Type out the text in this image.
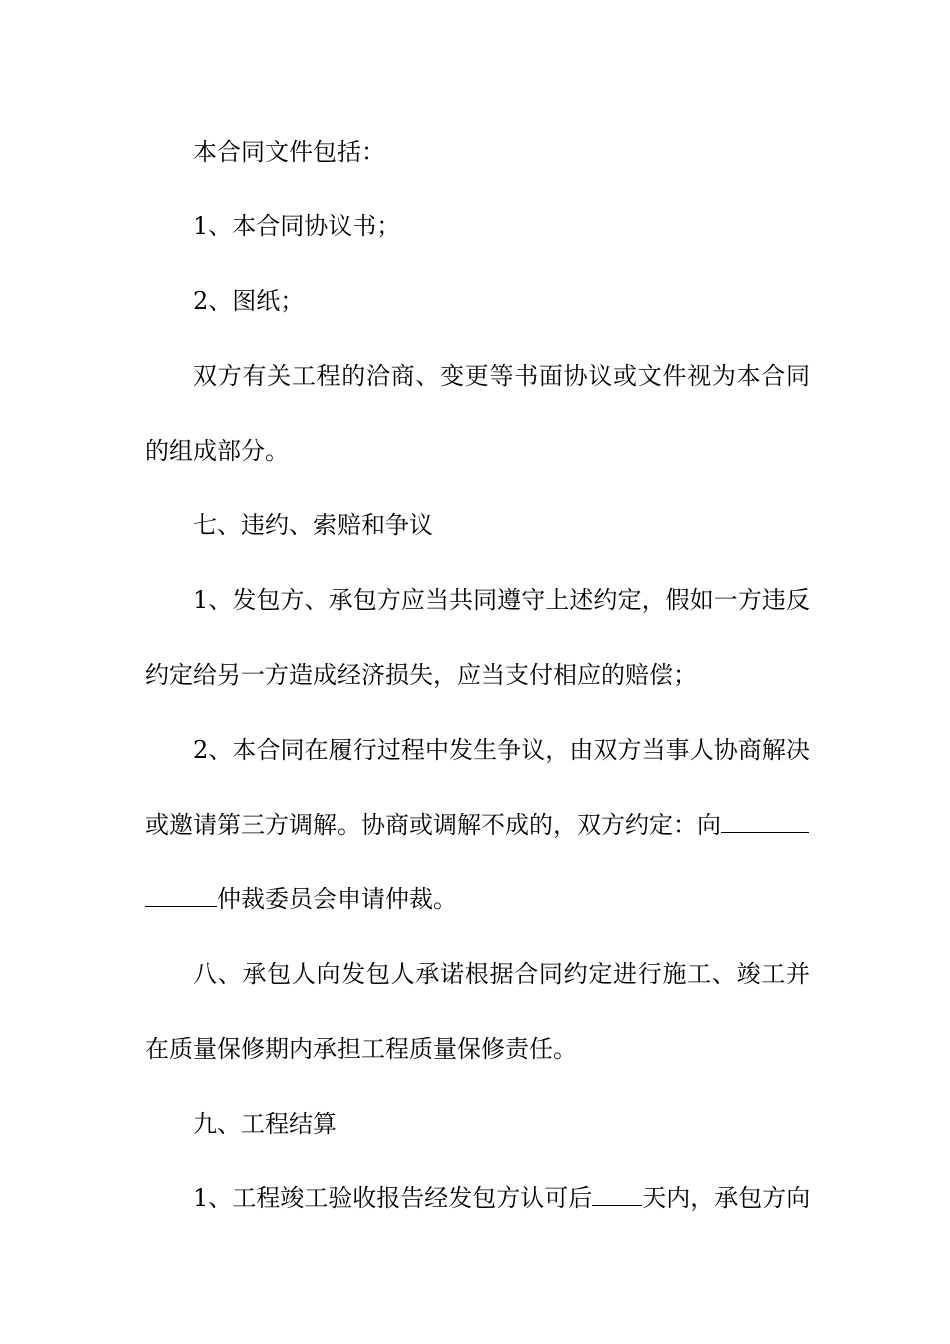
本合同文件包括：
1、本合同协议书；
2、图纸；
双方有关工程的洽商、变更等书面协议或文件视为本合同
的组成部分。
七、违约、索赔和争议
1、发包方、承包方应当共同遵守上述约定，假如一方违反
约定给另一方造成经济损失，应当支付相应的赔偿；
2、本合同在履行过程中发生争议，由双方当事人协商解决
或邀请第三方调解。协商或调解不成的，双方约定：向
仲裁委员会申请仲裁。
八、承包人向发包人承诺根据合同约定进行施工、竣工并
在质量保修期内承担工程质量保修责任。
九、工程结算
1、工程竣工验收报告经发包方认可后 天内，承包方向
